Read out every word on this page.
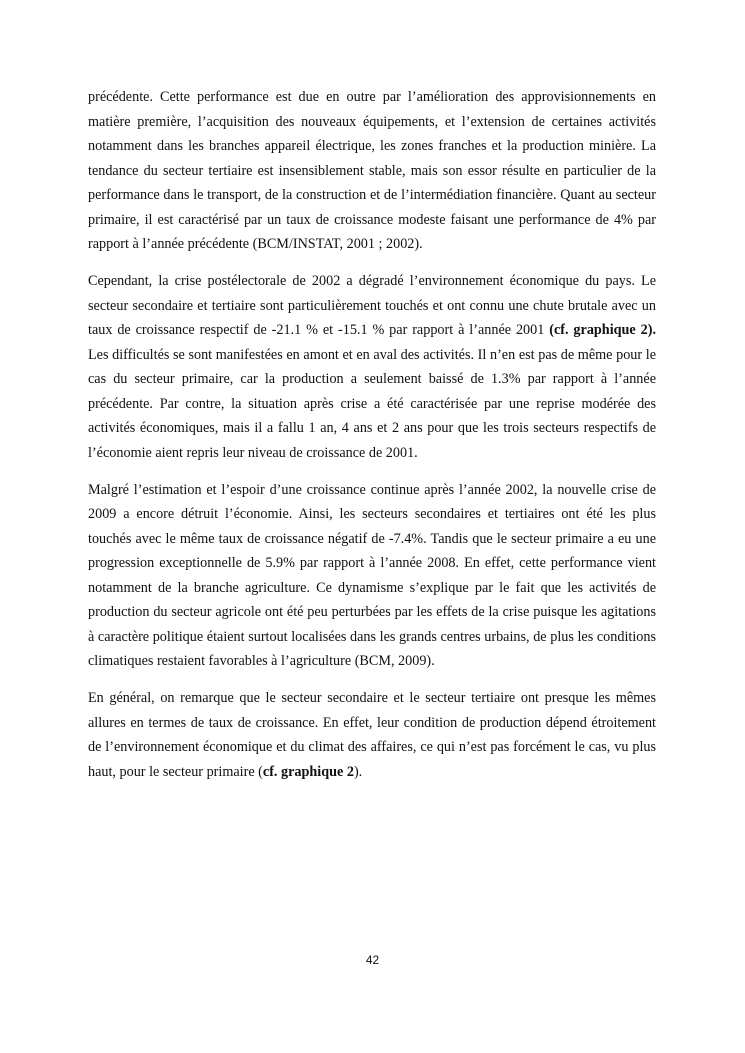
précédente. Cette performance est due en outre par l’amélioration des approvisionnements en matière première, l’acquisition des nouveaux équipements, et l’extension de certaines activités notamment dans les branches appareil électrique, les zones franches et la production minière. La tendance du secteur tertiaire est insensiblement stable, mais son essor résulte en particulier de la performance dans le transport, de la construction et de l’intermédiation financière. Quant au secteur primaire, il est caractérisé par un taux de croissance modeste faisant une performance de 4% par rapport à l’année précédente (BCM/INSTAT, 2001 ; 2002).

Cependant, la crise postélectorale de 2002 a dégradé l’environnement économique du pays. Le secteur secondaire et tertiaire sont particulièrement touchés et ont connu une chute brutale avec un taux de croissance respectif de -21.1 % et -15.1 % par rapport à l’année 2001 (cf. graphique 2). Les difficultés se sont manifestées en amont et en aval des activités. Il n’en est pas de même pour le cas du secteur primaire, car la production a seulement baissé de 1.3% par rapport à l’année précédente. Par contre, la situation après crise a été caractérisée par une reprise modérée des activités économiques, mais il a fallu 1 an, 4 ans et 2 ans pour que les trois secteurs respectifs de l’économie aient repris leur niveau de croissance de 2001.

Malgré l’estimation et l’espoir d’une croissance continue après l’année 2002, la nouvelle crise de 2009 a encore détruit l’économie. Ainsi, les secteurs secondaires et tertiaires ont été les plus touchés avec le même taux de croissance négatif de -7.4%. Tandis que le secteur primaire a eu une progression exceptionnelle de 5.9% par rapport à l’année 2008. En effet, cette performance vient notamment de la branche agriculture. Ce dynamisme s’explique par le fait que les activités de production du secteur agricole ont été peu perturbées par les effets de la crise puisque les agitations à caractère politique étaient surtout localisées dans les grands centres urbains, de plus les conditions climatiques restaient favorables à l’agriculture (BCM, 2009).

En général, on remarque que le secteur secondaire et le secteur tertiaire ont presque les mêmes allures en termes de taux de croissance. En effet, leur condition de production dépend étroitement de l’environnement économique et du climat des affaires, ce qui n’est pas forcément le cas, vu plus haut, pour le secteur primaire (cf. graphique 2).

42
